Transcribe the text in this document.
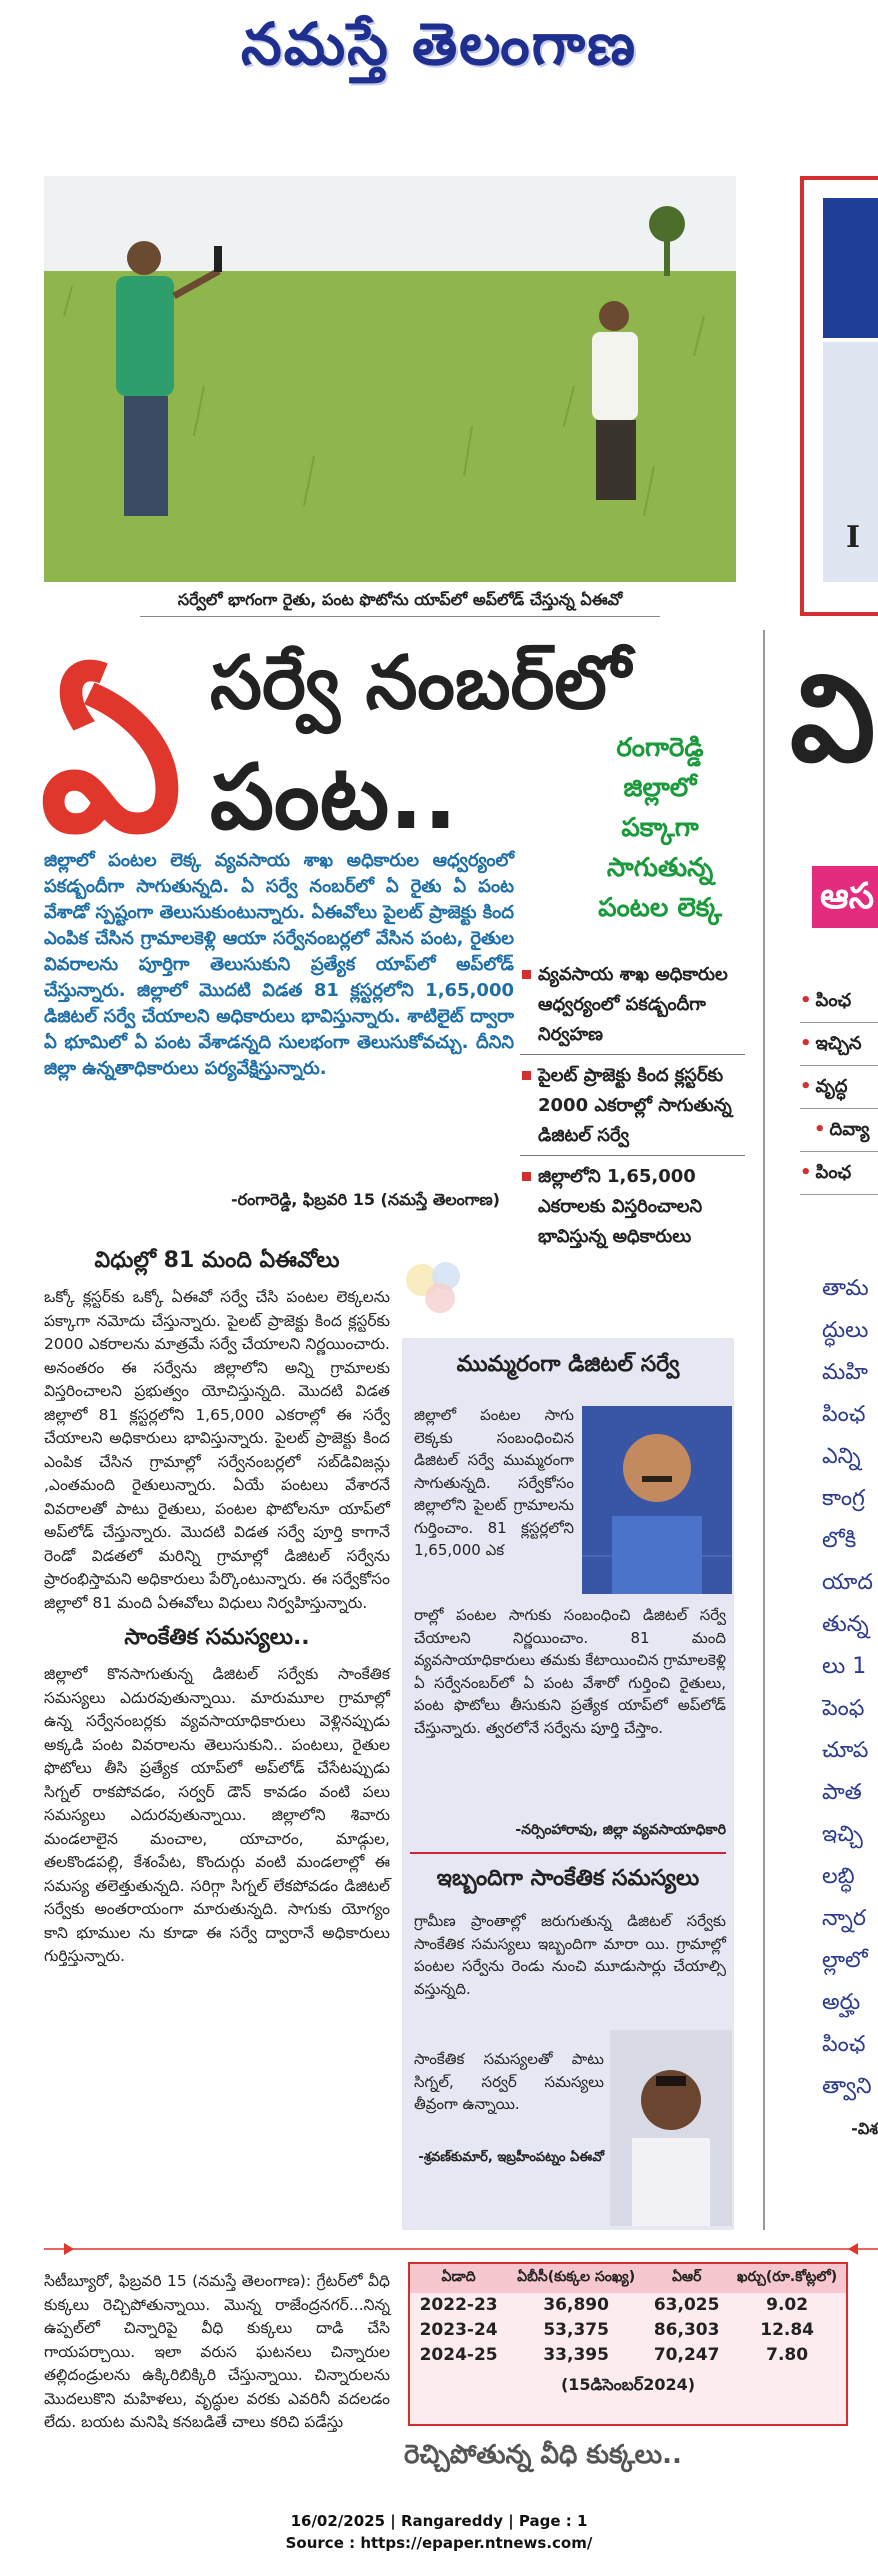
నమస్తే తెలంగాణ
I
వి
ఆస
• పింఛ
• ఇచ్చిన
• వృద్ధ
• దివ్యా
• పింఛ
తామ
ద్ధులు
మహి
పింఛ
ఎన్ని
కాంగ్ర
లోకి
యాద
తున్న
లు 1
పెంఫ
చూప
పాత
ఇచ్చి
లబ్ధి
న్నార
ల్లాలో
అర్హు
పింఛ
త్వాని
-విశ
సర్వేలో భాగంగా రైతు, పంట ఫొటోను యాప్‌లో అప్‌లోడ్ చేస్తున్న ఏఈవో
ఏ సర్వే నంబర్‌లో
పంట..	రంగారెడ్డి
జిల్లాలో
పక్కాగా
సాగుతున్న
పంటల లెక్క
జిల్లాలో పంటల లెక్క వ్యవసాయ శాఖ అధికారుల ఆధ్వర్యంలో పకడ్బందీగా సాగుతున్నది. ఏ సర్వే నంబర్‌లో ఏ రైతు ఏ పంట వేశాడో స్పష్టంగా తెలుసుకుంటున్నారు. ఏఈవోలు పైలట్ ప్రాజెక్టు కింద ఎంపిక చేసిన గ్రామాలకెళ్లి ఆయా సర్వేనంబర్లలో వేసిన పంట, రైతుల వివరాలను పూర్తిగా తెలుసుకుని ప్రత్యేక యాప్‌లో అప్‌లోడ్ చేస్తున్నారు. జిల్లాలో మొదటి విడత 81 క్లస్టర్లలోని 1,65,000 డిజిటల్ సర్వే చేయాలని అధికారులు భావిస్తున్నారు. శాటిలైట్ ద్వారా ఏ భూమిలో ఏ పంట వేశాడన్నది సులభంగా తెలుసుకోవచ్చు. దీనిని జిల్లా ఉన్నతాధికారులు పర్యవేక్షిస్తున్నారు.
-రంగారెడ్డి, ఫిబ్రవరి 15 (నమస్తే తెలంగాణ)
వ్యవసాయ శాఖ అధికారుల ఆధ్వర్యంలో పకడ్బందీగా నిర్వహణ
పైలట్ ప్రాజెక్టు కింద క్లస్టర్‌కు 2000 ఎకరాల్లో సాగుతున్న డిజిటల్ సర్వే
జిల్లాలోని 1,65,000 ఎకరాలకు విస్తరించాలని భావిస్తున్న అధికారులు
విధుల్లో 81 మంది ఏఈవోలు
ఒక్కో క్లస్టర్‌కు ఒక్కో ఏఈవో సర్వే చేసి పంటల లెక్కలను పక్కాగా నమోదు చేస్తున్నారు. పైలట్ ప్రాజెక్టు కింద క్లస్టర్‌కు 2000 ఎకరాలను మాత్రమే సర్వే చేయాలని నిర్ణయించారు. అనంతరం ఈ సర్వేను జిల్లాలోని అన్ని గ్రామాలకు విస్తరించాలని ప్రభుత్వం యోచిస్తున్నది. మొదటి విడత జిల్లాలో 81 క్లస్టర్లలోని 1,65,000 ఎకరాల్లో ఈ సర్వే చేయాలని అధికారులు భావిస్తున్నారు. పైలట్ ప్రాజెక్టు కింద ఎంపిక చేసిన గ్రామాల్లో సర్వేనంబర్లలో సబ్‌డివిజన్లు ,ఎంతమంది రైతులున్నారు. ఏయే పంటలు వేశారనే వివరాలతో పాటు రైతులు, పంటల ఫొటోలనూ యాప్‌లో అప్‌లోడ్ చేస్తున్నారు. మొదటి విడత సర్వే పూర్తి కాగానే రెండో విడతలో మరిన్ని గ్రామాల్లో డిజిటల్ సర్వేను ప్రారంభిస్తామని అధికారులు పేర్కొంటున్నారు. ఈ సర్వేకోసం జిల్లాలో 81 మంది ఏఈవోలు విధులు నిర్వహిస్తున్నారు.
సాంకేతిక సమస్యలు..
జిల్లాలో కొనసాగుతున్న డిజిటల్ సర్వేకు సాంకేతిక సమస్యలు ఎదురవుతున్నాయి. మారుమూల గ్రామాల్లో ఉన్న సర్వేనంబర్లకు వ్యవసాయాధికారులు వెళ్లినప్పుడు అక్కడి పంట వివరాలను తెలుసుకుని.. పంటలు, రైతుల ఫొటోలు తీసి ప్రత్యేక యాప్‌లో అప్‌లోడ్ చేసేటప్పుడు సిగ్నల్ రాకపోవడం, సర్వర్ డౌన్ కావడం వంటి పలు సమస్యలు ఎదురవుతున్నాయి. జిల్లాలోని శివారు మండలాలైన మంచాల, యాచారం, మాడ్గుల, తలకొండపల్లి, కేశంపేట, కొందుర్గు వంటి మండలాల్లో ఈ సమస్య తలెత్తుతున్నది. సరిగ్గా సిగ్నల్ లేకపోవడం డిజిటల్ సర్వేకు అంతరాయంగా మారుతున్నది. సాగుకు యోగ్యం కాని భూముల ను కూడా ఈ సర్వే ద్వారానే అధికారులు గుర్తిస్తున్నారు.
ముమ్మరంగా డిజిటల్ సర్వే
జిల్లాలో పంటల సాగు లెక్కకు సంబంధించిన డిజిటల్ సర్వే ముమ్మరంగా సాగుతున్నది. సర్వేకోసం జిల్లాలోని పైలట్ గ్రామాలను గుర్తించాం. 81 క్లస్టర్లలోని 1,65,000 ఎక
రాల్లో పంటల సాగుకు సంబంధించి డిజిటల్ సర్వే చేయాలని నిర్ణయించాం. 81 మంది వ్యవసాయాధికారులు తమకు కేటాయించిన గ్రామాలకెళ్లి ఏ సర్వేనంబర్‌లో ఏ పంట వేశారో గుర్తించి రైతులు, పంట ఫొటోలు తీసుకుని ప్రత్యేక యాప్‌లో అప్‌లోడ్ చేస్తున్నారు. త్వరలోనే సర్వేను పూర్తి చేస్తాం.
-నర్సింహారావు, జిల్లా వ్యవసాయాధికారి
ఇబ్బందిగా సాంకేతిక సమస్యలు
గ్రామీణ ప్రాంతాల్లో జరుగుతున్న డిజిటల్ సర్వేకు సాంకేతిక సమస్యలు ఇబ్బందిగా మారా యి. గ్రామాల్లో పంటల సర్వేను రెండు నుంచి మూడుసార్లు చేయాల్సి వస్తున్నది.
సాంకేతిక సమస్యలతో పాటు సిగ్నల్, సర్వర్ సమస్యలు తీవ్రంగా ఉన్నాయి.
-శ్రవణ్‌కుమార్, ఇబ్రహీంపట్నం ఏఈవో
సిటీబ్యూరో, ఫిబ్రవరి 15 (నమస్తే తెలంగాణ): గ్రేటర్‌లో వీధి కుక్కలు రెచ్చిపోతున్నాయి. మొన్న రాజేంద్రనగర్...నిన్న ఉప్పల్‌లో చిన్నారిపై వీధి కుక్కలు దాడి చేసి గాయపర్చాయి. ఇలా వరుస ఘటనలు చిన్నారుల తల్లిదండ్రులను ఉక్కిరిబిక్కిరి చేస్తున్నాయి. చిన్నారులను మొదలుకొని మహిళలు, వృద్ధుల వరకు ఎవరినీ వదలడం లేదు. బయట మనిషి కనబడితే చాలు కరిచి పడేస్తు
ఏడాది	ఏబీసీ(కుక్కల సంఖ్య)	ఏఆర్	ఖర్చు(రూ.కోట్లలో)
2022-23	36,890	63,025	9.02
2023-24	53,375	86,303	12.84
2024-25	33,395	70,247	7.80
(15డిసెంబర్2024)			
రెచ్చిపోతున్న వీధి కుక్కలు..
16/02/2025 | Rangareddy | Page : 1
Source : https://epaper.ntnews.com/
